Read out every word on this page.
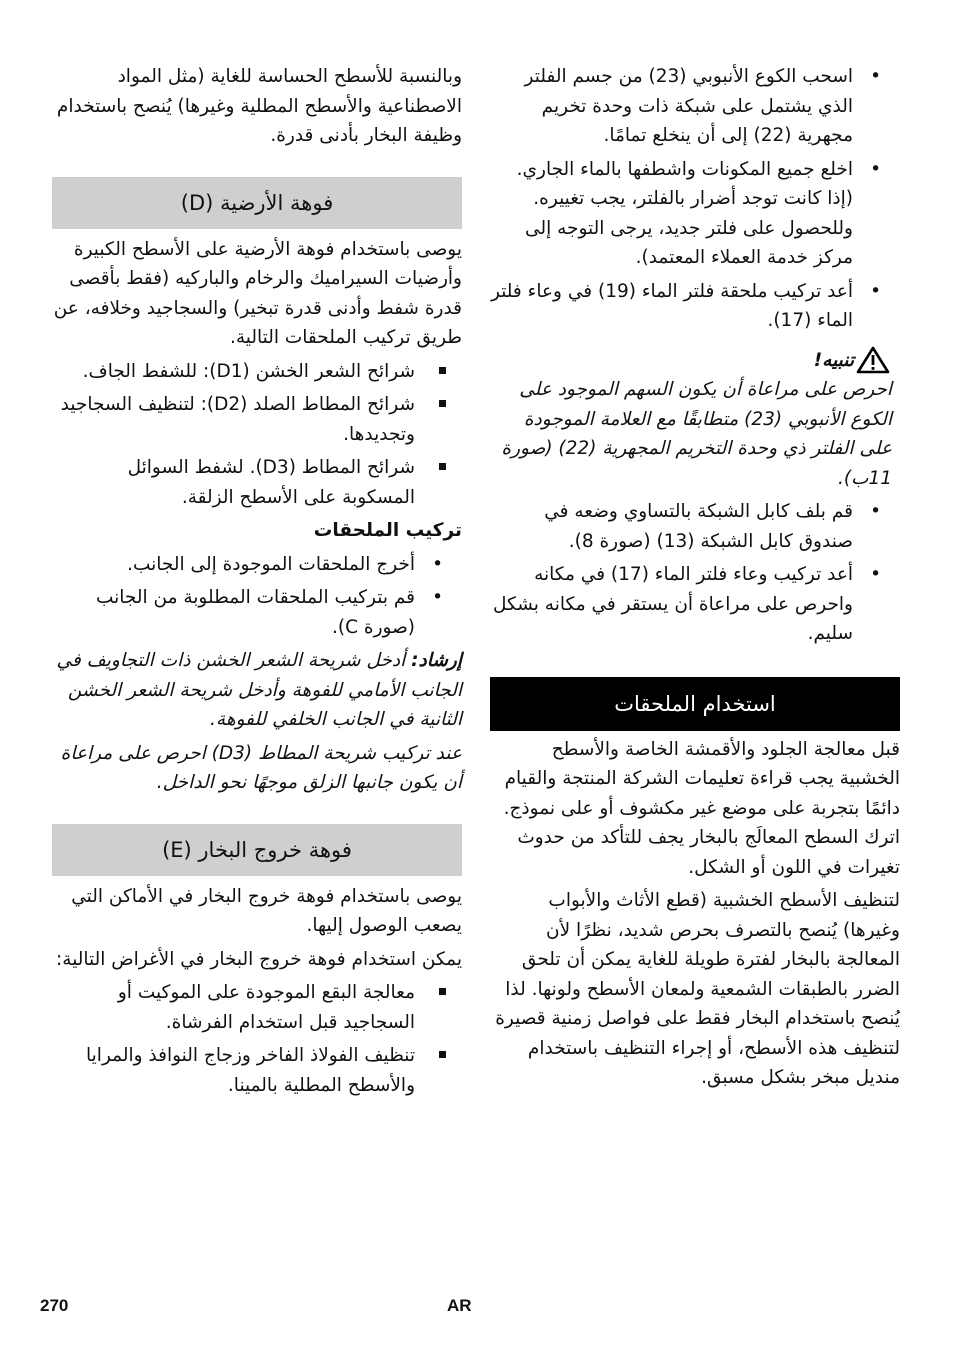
• اسحب الكوع الأنبوبي (23) من جسم الفلتر الذي يشتمل على شبكة ذات وحدة تخريم مجهرية (22) إلى أن ينخلع تمامًا.
• اخلع جميع المكونات واشطفها بالماء الجاري. (إذا كانت توجد أضرار بالفلتر، يجب تغييره. وللحصول على فلتر جديد، يرجى التوجه إلى مركز خدمة العملاء المعتمد).
• أعد تركيب ملحقة فلتر الماء (19) في وعاء فلتر الماء (17).
تنبيه!

احرص على مراعاة أن يكون السهم الموجود على الكوع الأنبوبي (23) متطابقًا مع العلامة الموجودة على الفلتر ذي وحدة التخريم المجهرية (22) (صورة 11ب).

• قم بلف كابل الشبكة بالتساوي وضعه في صندوق كابل الشبكة (13) (صورة 8).
• أعد تركيب وعاء فلتر الماء (17) في مكانه واحرص على مراعاة أن يستقر في مكانه بشكل سليم.
استخدام الملحقات

قبل معالجة الجلود والأقمشة الخاصة والأسطح الخشبية يجب قراءة تعليمات الشركة المنتجة والقيام دائمًا بتجربة على موضع غير مكشوف أو على نموذج. اترك السطح المعالَج بالبخار يجف للتأكد من حدوث تغيرات في اللون أو الشكل.

لتنظيف الأسطح الخشبية (قطع الأثاث والأبواب وغيرها) يُنصح بالتصرف بحرص شديد، نظرًا لأن المعالجة بالبخار لفترة طويلة للغاية يمكن أن تلحق الضرر بالطبقات الشمعية ولمعان الأسطح ولونها. لذا يُنصح باستخدام البخار فقط على فواصل زمنية قصيرة لتنظيف هذه الأسطح، أو إجراء التنظيف باستخدام منديل مبخر بشكل مسبق.

وبالنسبة للأسطح الحساسة للغاية (مثل المواد الاصطناعية والأسطح المطلية وغيرها) يُنصح باستخدام وظيفة البخار بأدنى قدرة.

فوهة الأرضية (D)

يوصى باستخدام فوهة الأرضية على الأسطح الكبيرة وأرضيات السيراميك والرخام والباركيه (فقط بأقصى قدرة شفط وأدنى قدرة تبخير) والسجاجيد وخلافه، عن طريق تركيب الملحقات التالية.

شرائح الشعر الخشن (D1): للشفط الجاف.
شرائح المطاط الصلد (D2): لتنظيف السجاجيد وتجديدها.
شرائح المطاط (D3). لشفط السوائل المسكوبة على الأسطح الزلقة.

تركيب الملحقات

• أخرج الملحقات الموجودة إلى الجانب.
• قم بتركيب الملحقات المطلوبة من الجانب (صورة C).

إرشاد: أدخل شريحة الشعر الخشن ذات التجاويف في الجانب الأمامي للفوهة وأدخل شريحة الشعر الخشن الثانية في الجانب الخلفي للفوهة.

عند تركيب شريحة المطاط (D3) احرص على مراعاة أن يكون جانبها الزلق موجهًا نحو الداخل.

فوهة خروج البخار (E)

يوصى باستخدام فوهة خروج البخار في الأماكن التي يصعب الوصول إليها.

يمكن استخدام فوهة خروج البخار في الأغراض التالية:

معالجة البقع الموجودة على الموكيت أو السجاجيد قبل استخدام الفرشاة.
تنظيف الفولاذ الفاخر وزجاج النوافذ والمرايا والأسطح المطلية بالمينا.
270	AR
